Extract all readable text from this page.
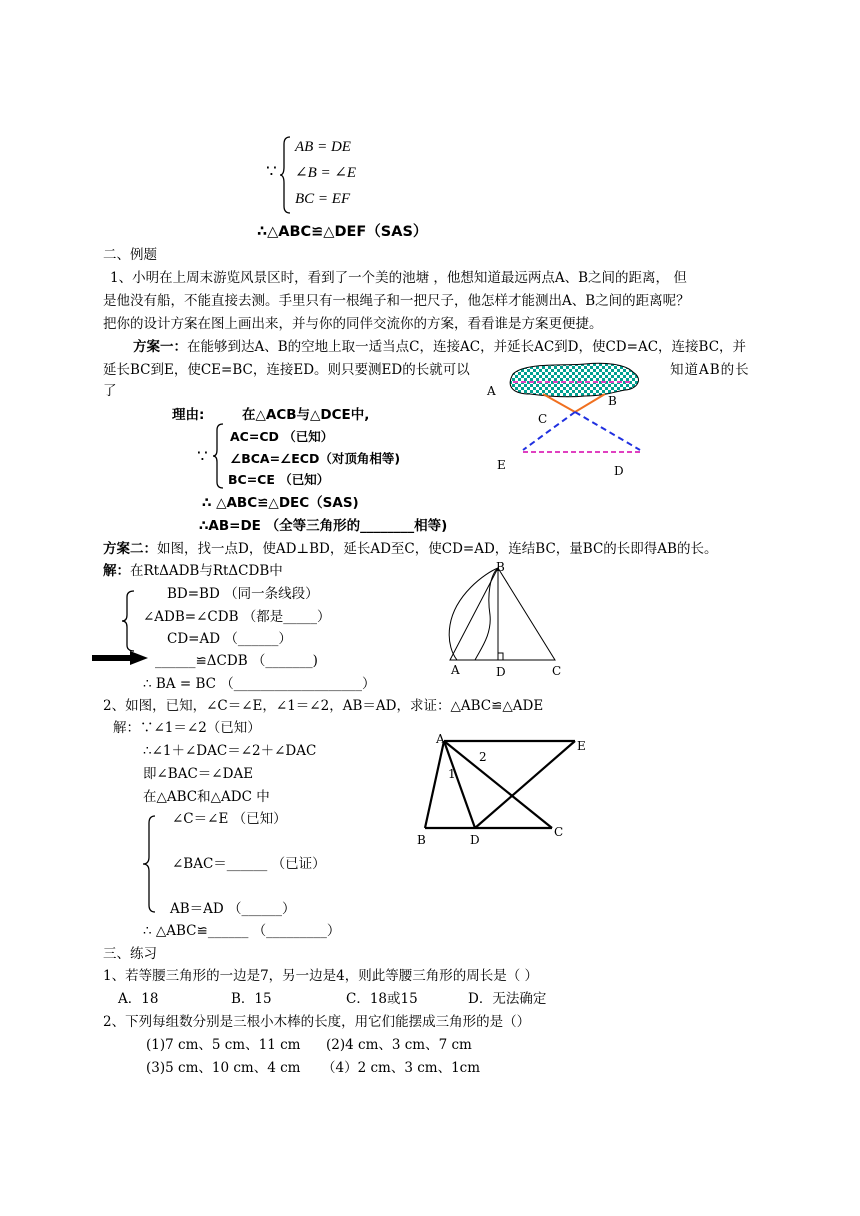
∵
AB = DE
∠B = ∠E
BC = EF
∴△ABC≌△DEF（SAS）
二、例题
1、小明在上周末游览风景区时，看到了一个美的池塘 ，他想知道最远两点A、B之间的距离， 但
是他没有船，不能直接去测。手里只有一根绳子和一把尺子，他怎样才能测出A、B之间的距离呢？
把你的设计方案在图上画出来，并与你的同伴交流你的方案，看看谁是方案更便捷。
方案一：在能够到达A、B的空地上取一适当点C，连接AC，并延长AC到D，使CD=AC，连接BC，并
延长BC到E，使CE=BC，连接ED。则只要测ED的长就可以	知道AB的长
了
理由:	在△ACB与△DCE中,
∵
AC=CD （已知）
∠BCA=∠ECD（对顶角相等)
BC=CE （已知）
∴ △ABC≌△DEC（SAS)
∴AB=DE （全等三角形的________相等)
A
B
C
E	D
方案二：如图，找一点D，使AD⊥BD，延长AD至C，使CD=AD，连结BC，量BC的长即得AB的长。
解：在RtΔADB与RtΔCDB中
BD=BD （同一条线段）
∠ADB=∠CDB （都是_____）
CD=AD （______）
______≌ΔCDB （_______)
∴ BA = BC （___________________）
B
A	D	C
2、如图，已知，∠C＝∠E，∠1＝∠2，AB＝AD，求证：△ABC≌△ADE
解：∵∠1＝∠2（已知）
∴∠1＋∠DAC＝∠2＋∠DAC
即∠BAC＝∠DAE
在△ABC和△ADC 中
∠C＝∠E （已知）
∠BAC＝______ （已证）
AB＝AD （______）
∴ △ABC≌______ （_________）
A	E
2
1
B	D
C
三、练习
1、若等腰三角形的一边是7，另一边是4，则此等腰三角形的周长是（ ）
A．18	B．15	C．18或15	D．无法确定
2、下列每组数分别是三根小木棒的长度，用它们能摆成三角形的是（）
(1)7 cm、5 cm、11 cm (2)4 cm、3 cm、7 cm
(3)5 cm、10 cm、4 cm （4）2 cm、3 cm、1cm
